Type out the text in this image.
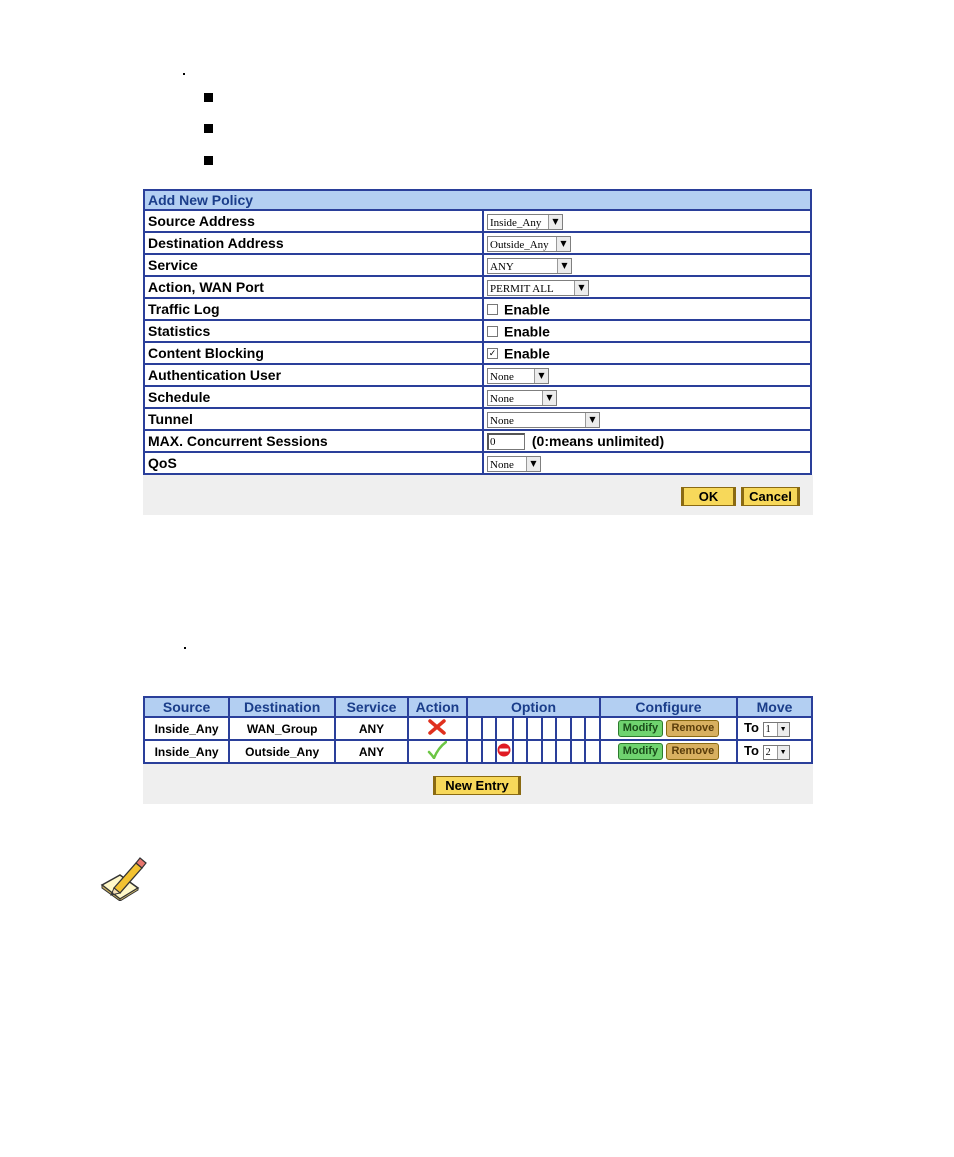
Add New Policy	
Source Address	Inside_Any ▼

Destination Address	Outside_Any ▼

Service	ANY ▼

Action, WAN Port	PERMIT ALL ▼

Traffic Log	Enable
Statistics	Enable
Content Blocking	✓ Enable
Authentication User	None ▼

Schedule	None ▼

Tunnel	None ▼

MAX. Concurrent Sessions	0 (0:means unlimited)
QoS	None ▼
OK	Cancel
Source	Destination	Service	Action	Option									Configure	Move
Inside_Any	WAN_Group	ANY											Modify Remove	To 1 ▼

Inside_Any	Outside_Any	ANY											Modify Remove	To 2 ▼
New Entry
